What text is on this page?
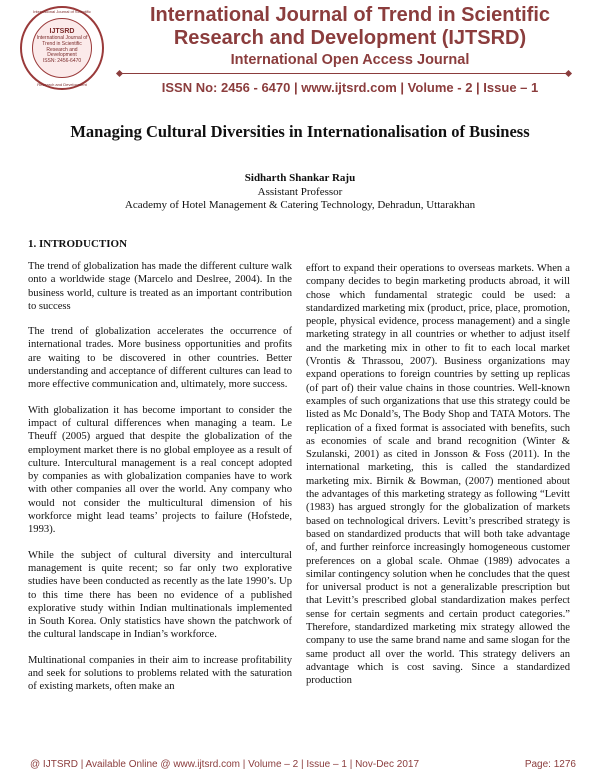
International Journal of Scientific
IJTSRD
International Journal of Trend in Scientific Research and Development
ISSN: 2456-6470
Research and Development
International Journal of Trend in Scientific Research and Development (IJTSRD)
International Open Access Journal
ISSN No: 2456 - 6470 | www.ijtsrd.com | Volume - 2 | Issue – 1
Managing Cultural Diversities in Internationalisation of Business
Sidharth Shankar Raju
Assistant Professor
Academy of Hotel Management & Catering Technology, Dehradun, Uttarakhan
1. INTRODUCTION

The trend of globalization has made the different culture walk onto a worldwide stage (Marcelo and Deslree, 2004). In the business world, culture is treated as an important contribution to success

The trend of globalization accelerates the occurrence of international trades. More business opportunities and profits are waiting to be discovered in other countries. Better understanding and acceptance of different cultures can lead to more effective communication and, ultimately, more success.

With globalization it has become important to consider the impact of cultural differences when managing a team. Le Theuff (2005) argued that despite the globalization of the employment market there is no global employee as a result of culture. Intercultural management is a real concept adopted by companies as with globalization companies have to work with other companies all over the world. Any company who would not consider the multicultural dimension of his workforce might lead teams’ projects to failure (Hofstede, 1993).

While the subject of cultural diversity and intercultural management is quite recent; so far only two explorative studies have been conducted as recently as the late 1990’s. Up to this time there has been no evidence of a published explorative study within Indian multinationals implemented in South Korea. Only statistics have shown the patchwork of the cultural landscape in Indian’s workforce.

Multinational companies in their aim to increase profitability and seek for solutions to problems related with the saturation of existing markets, often make an

effort to expand their operations to overseas markets. When a company decides to begin marketing products abroad, it will chose which fundamental strategic could be used: a standardized marketing mix (product, price, place, promotion, people, physical evidence, process management) and a single marketing strategy in all countries or whether to adjust itself and the marketing mix in other to fit to each local market (Vrontis & Thrassou, 2007). Business organizations may expand operations to foreign countries by setting up replicas (of part of) their value chains in those countries. Well-known examples of such organizations that use this strategy could be listed as Mc Donald’s, The Body Shop and TATA Motors. The replication of a fixed format is associated with benefits, such as economies of scale and brand recognition (Winter & Szulanski, 2001) as cited in Jonsson & Foss (2011). In the international marketing, this is called the standardized marketing mix. Birnik & Bowman, (2007) mentioned about the advantages of this marketing strategy as following “Levitt (1983) has argued strongly for the globalization of markets based on technological drivers. Levitt’s prescribed strategy is based on standardized products that will both take advantage of, and further reinforce increasingly homogeneous customer preferences on a global scale. Ohmae (1989) advocates a similar contingency solution when he concludes that the quest for universal product is not a generalizable prescription but that Levitt’s prescribed global standardization makes perfect sense for certain segments and certain product categories.” Therefore, standardized marketing mix strategy allowed the company to use the same brand name and same slogan for the same product all over the world. This strategy delivers an advantage which is cost saving. Since a standardized production

@ IJTSRD | Available Online @ www.ijtsrd.com | Volume – 2 | Issue – 1 | Nov-Dec 2017	Page: 1276
